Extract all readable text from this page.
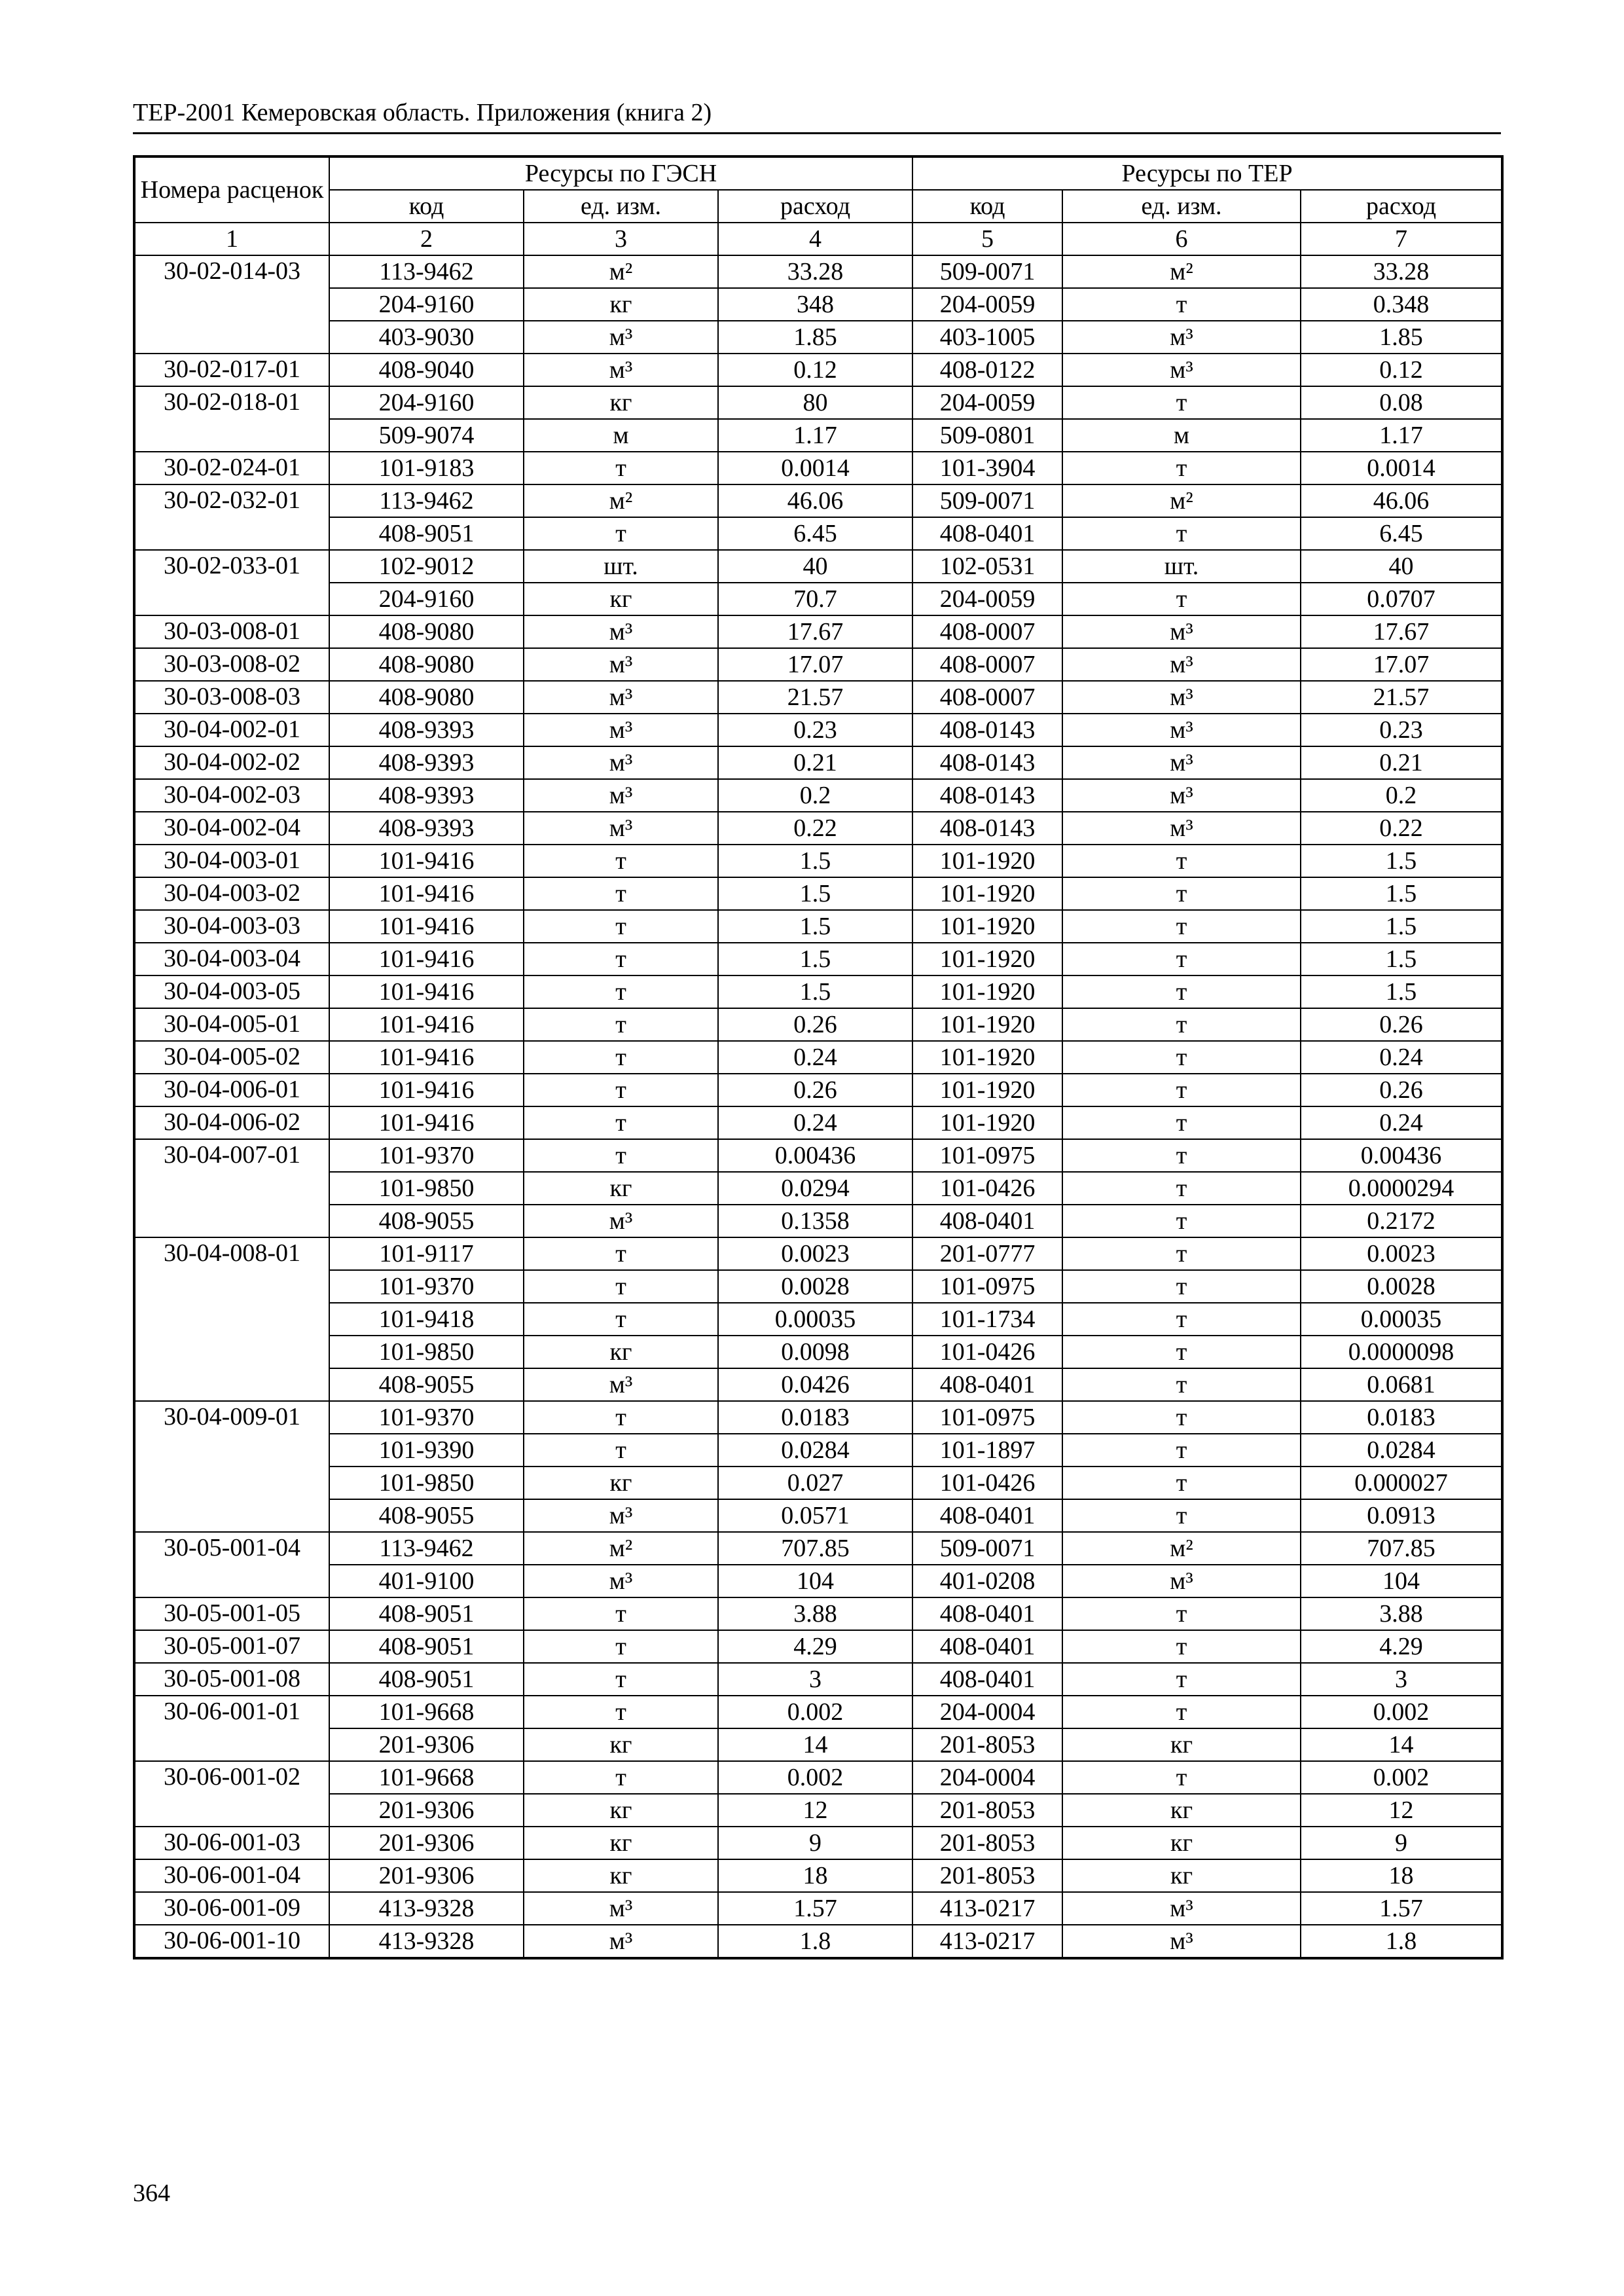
ТЕР-2001 Кемеровская область. Приложения (книга 2)
Номера расценок	Ресурсы по ГЭСН			Ресурсы по ТЕР		
	код	ед. изм.	расход	код	ед. изм.	расход
1	2	3	4	5	6	7
30-02-014-03	113-9462	м²	33.28	509-0071	м²	33.28
	204-9160	кг	348	204-0059	т	0.348
	403-9030	м³	1.85	403-1005	м³	1.85
30-02-017-01	408-9040	м³	0.12	408-0122	м³	0.12
30-02-018-01	204-9160	кг	80	204-0059	т	0.08
	509-9074	м	1.17	509-0801	м	1.17
30-02-024-01	101-9183	т	0.0014	101-3904	т	0.0014
30-02-032-01	113-9462	м²	46.06	509-0071	м²	46.06
	408-9051	т	6.45	408-0401	т	6.45
30-02-033-01	102-9012	шт.	40	102-0531	шт.	40
	204-9160	кг	70.7	204-0059	т	0.0707
30-03-008-01	408-9080	м³	17.67	408-0007	м³	17.67
30-03-008-02	408-9080	м³	17.07	408-0007	м³	17.07
30-03-008-03	408-9080	м³	21.57	408-0007	м³	21.57
30-04-002-01	408-9393	м³	0.23	408-0143	м³	0.23
30-04-002-02	408-9393	м³	0.21	408-0143	м³	0.21
30-04-002-03	408-9393	м³	0.2	408-0143	м³	0.2
30-04-002-04	408-9393	м³	0.22	408-0143	м³	0.22
30-04-003-01	101-9416	т	1.5	101-1920	т	1.5
30-04-003-02	101-9416	т	1.5	101-1920	т	1.5
30-04-003-03	101-9416	т	1.5	101-1920	т	1.5
30-04-003-04	101-9416	т	1.5	101-1920	т	1.5
30-04-003-05	101-9416	т	1.5	101-1920	т	1.5
30-04-005-01	101-9416	т	0.26	101-1920	т	0.26
30-04-005-02	101-9416	т	0.24	101-1920	т	0.24
30-04-006-01	101-9416	т	0.26	101-1920	т	0.26
30-04-006-02	101-9416	т	0.24	101-1920	т	0.24
30-04-007-01	101-9370	т	0.00436	101-0975	т	0.00436
	101-9850	кг	0.0294	101-0426	т	0.0000294
	408-9055	м³	0.1358	408-0401	т	0.2172
30-04-008-01	101-9117	т	0.0023	201-0777	т	0.0023
	101-9370	т	0.0028	101-0975	т	0.0028
	101-9418	т	0.00035	101-1734	т	0.00035
	101-9850	кг	0.0098	101-0426	т	0.0000098
	408-9055	м³	0.0426	408-0401	т	0.0681
30-04-009-01	101-9370	т	0.0183	101-0975	т	0.0183
	101-9390	т	0.0284	101-1897	т	0.0284
	101-9850	кг	0.027	101-0426	т	0.000027
	408-9055	м³	0.0571	408-0401	т	0.0913
30-05-001-04	113-9462	м²	707.85	509-0071	м²	707.85
	401-9100	м³	104	401-0208	м³	104
30-05-001-05	408-9051	т	3.88	408-0401	т	3.88
30-05-001-07	408-9051	т	4.29	408-0401	т	4.29
30-05-001-08	408-9051	т	3	408-0401	т	3
30-06-001-01	101-9668	т	0.002	204-0004	т	0.002
	201-9306	кг	14	201-8053	кг	14
30-06-001-02	101-9668	т	0.002	204-0004	т	0.002
	201-9306	кг	12	201-8053	кг	12
30-06-001-03	201-9306	кг	9	201-8053	кг	9
30-06-001-04	201-9306	кг	18	201-8053	кг	18
30-06-001-09	413-9328	м³	1.57	413-0217	м³	1.57
30-06-001-10	413-9328	м³	1.8	413-0217	м³	1.8
364
